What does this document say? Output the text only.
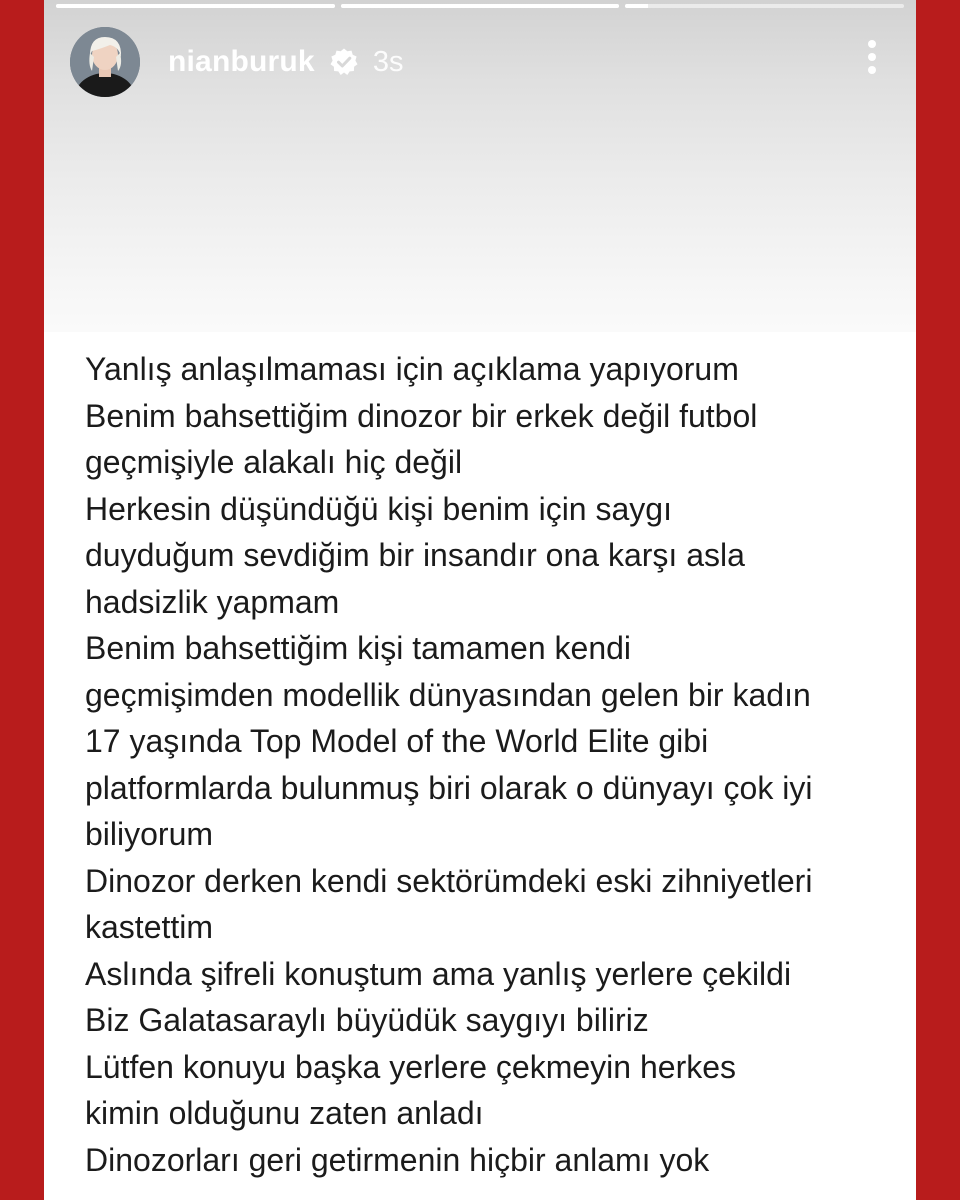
nianburuk 3s
Yanlış anlaşılmaması için açıklama yapıyorum
Benim bahsettiğim dinozor bir erkek değil futbol
geçmişiyle alakalı hiç değil
Herkesin düşündüğü kişi benim için saygı
duyduğum sevdiğim bir insandır ona karşı asla
hadsizlik yapmam
Benim bahsettiğim kişi tamamen kendi
geçmişimden modellik dünyasından gelen bir kadın
17 yaşında Top Model of the World Elite gibi
platformlarda bulunmuş biri olarak o dünyayı çok iyi
biliyorum
Dinozor derken kendi sektörümdeki eski zihniyetleri
kastettim
Aslında şifreli konuştum ama yanlış yerlere çekildi
Biz Galatasaraylı büyüdük saygıyı biliriz
Lütfen konuyu başka yerlere çekmeyin herkes
kimin olduğunu zaten anladı
Dinozorları geri getirmenin hiçbir anlamı yok
